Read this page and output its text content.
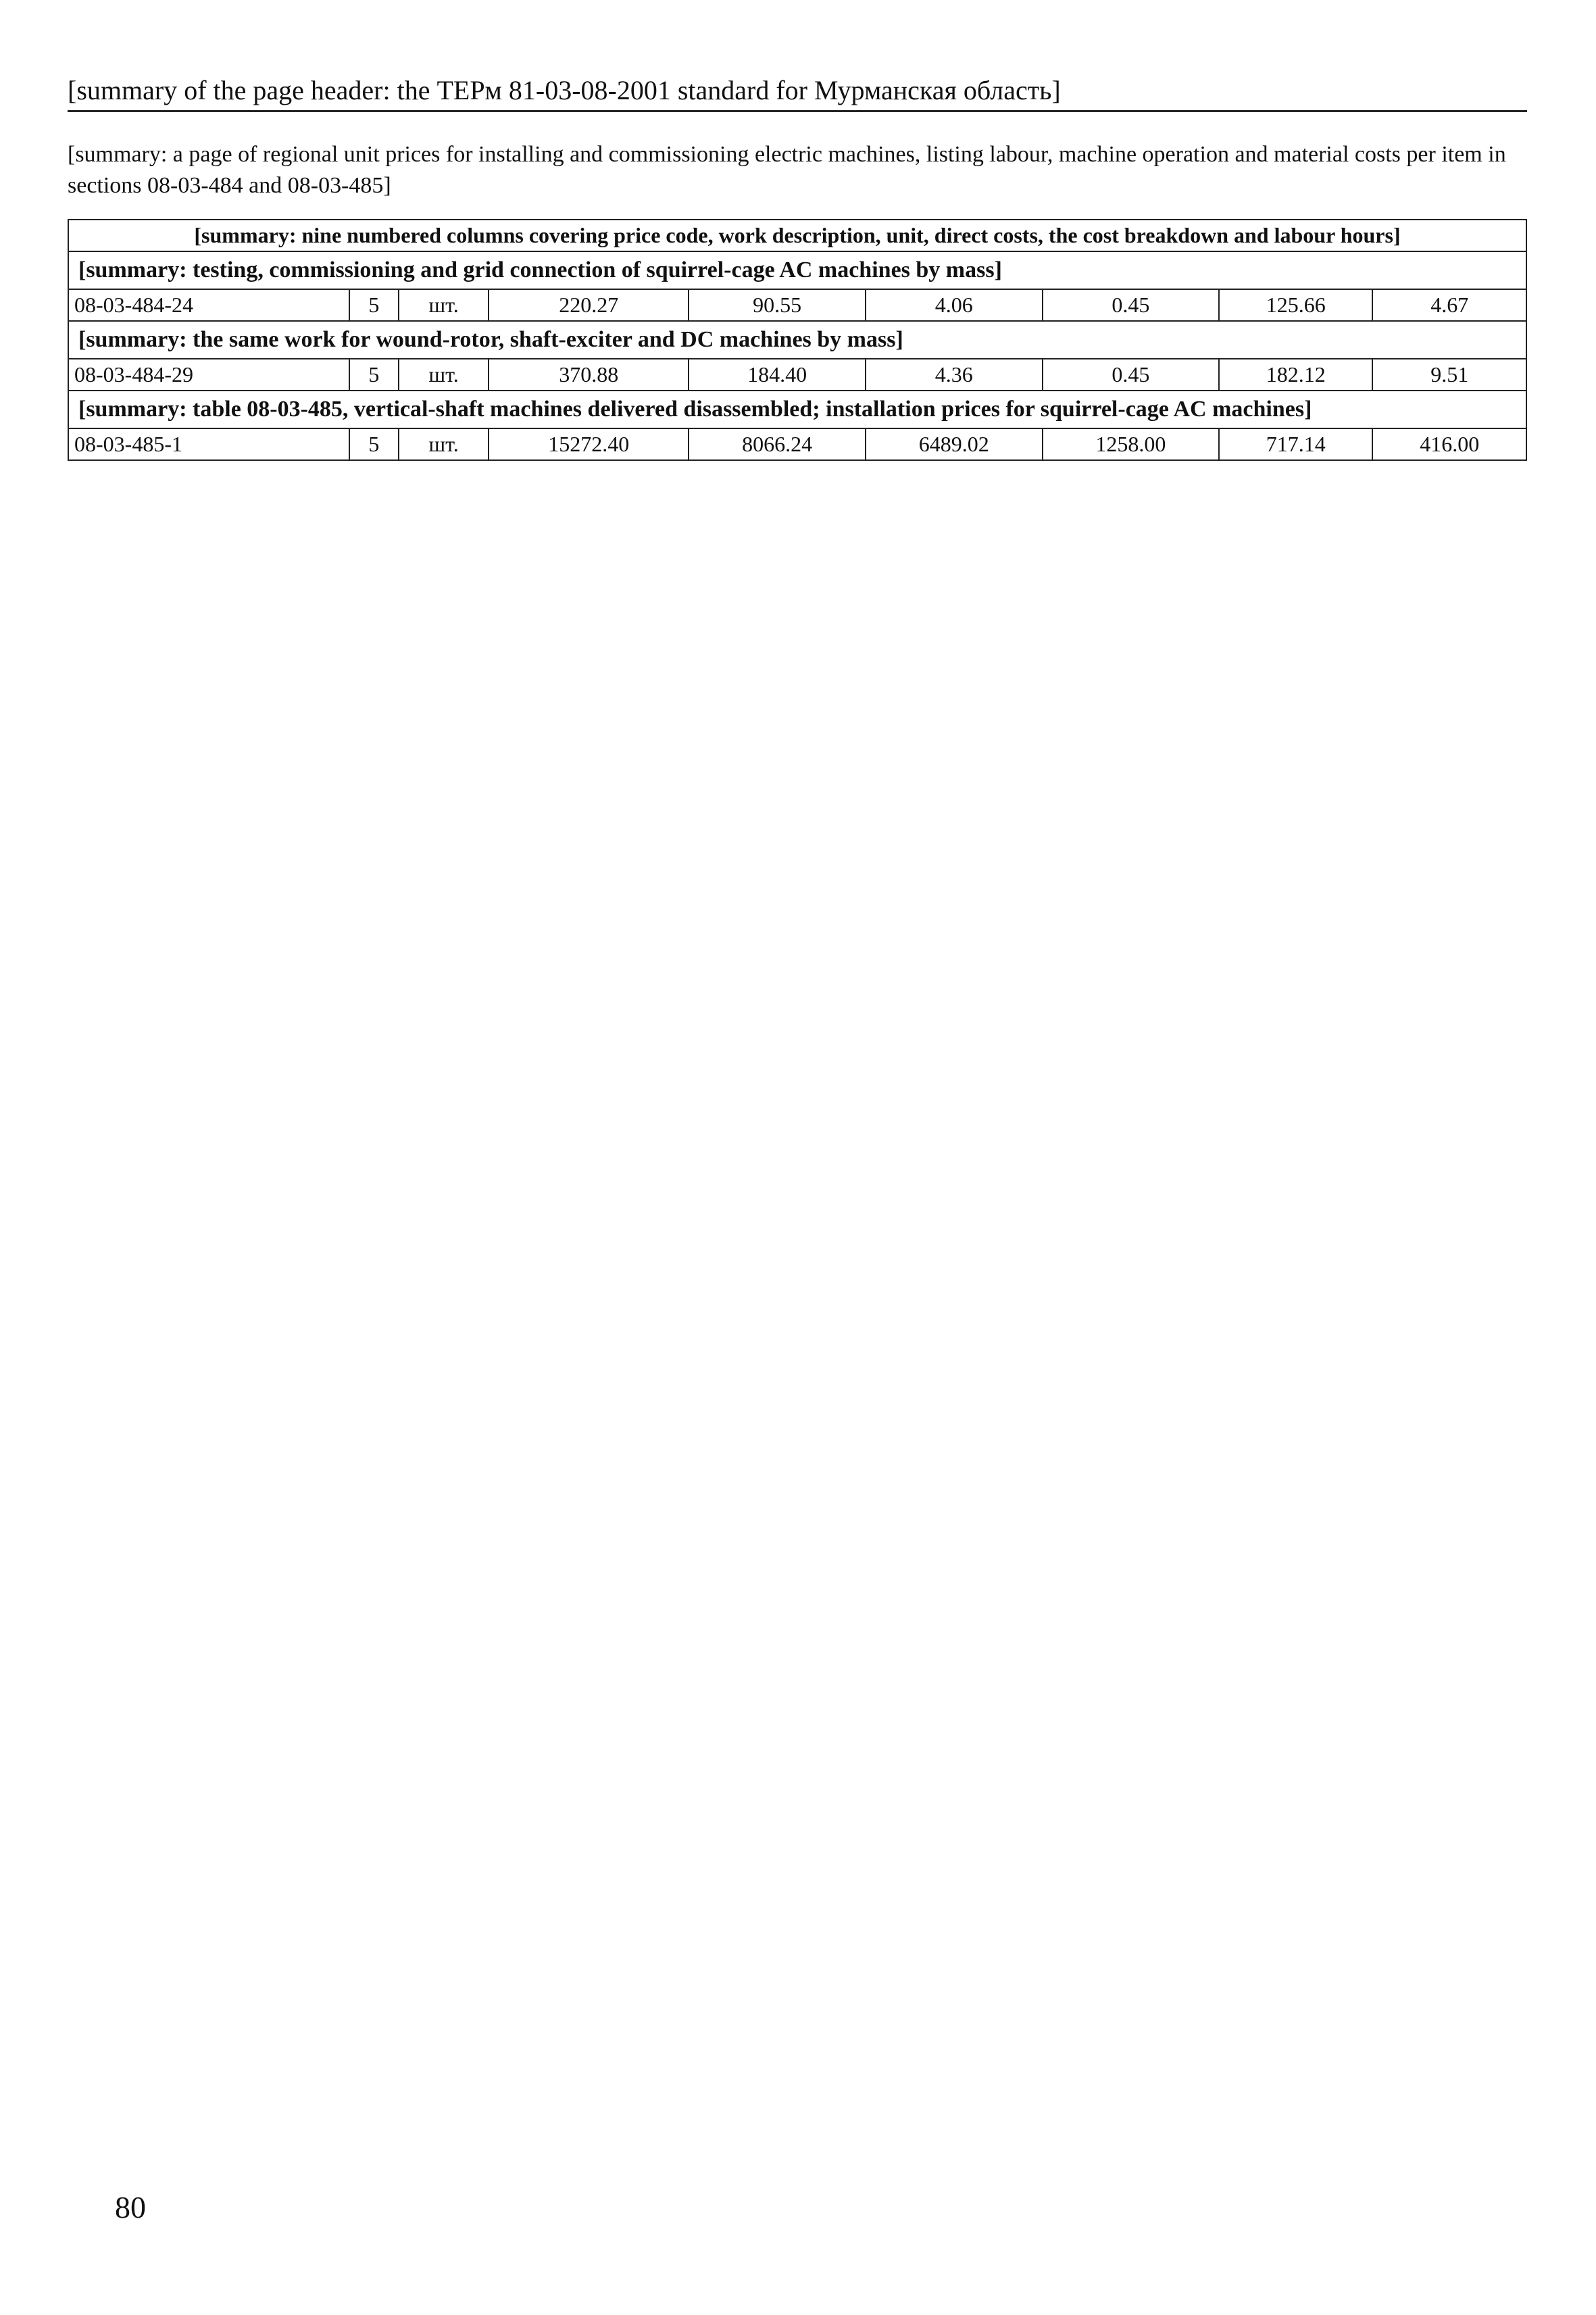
[summary of the page header: the ТЕРм 81-03-08-2001 standard for Мурманская область]

[summary: a page of regional unit prices for installing and commissioning electric machines, listing labour, machine operation and material costs per item in sections 08-03-484 and 08-03-485]

[summary: nine numbered columns covering price code, work description, unit, direct costs, the cost breakdown and labour hours]								
[summary: testing, commissioning and grid connection of squirrel-cage AC machines by mass]								
08-03-484-24	5	шт.	220.27	90.55	4.06	0.45	125.66	4.67
[summary: the same work for wound-rotor, shaft-exciter and DC machines by mass]								
08-03-484-29	5	шт.	370.88	184.40	4.36	0.45	182.12	9.51
[summary: table 08-03-485, vertical-shaft machines delivered disassembled; installation prices for squirrel-cage AC machines]								
08-03-485-1	5	шт.	15272.40	8066.24	6489.02	1258.00	717.14	416.00
80
